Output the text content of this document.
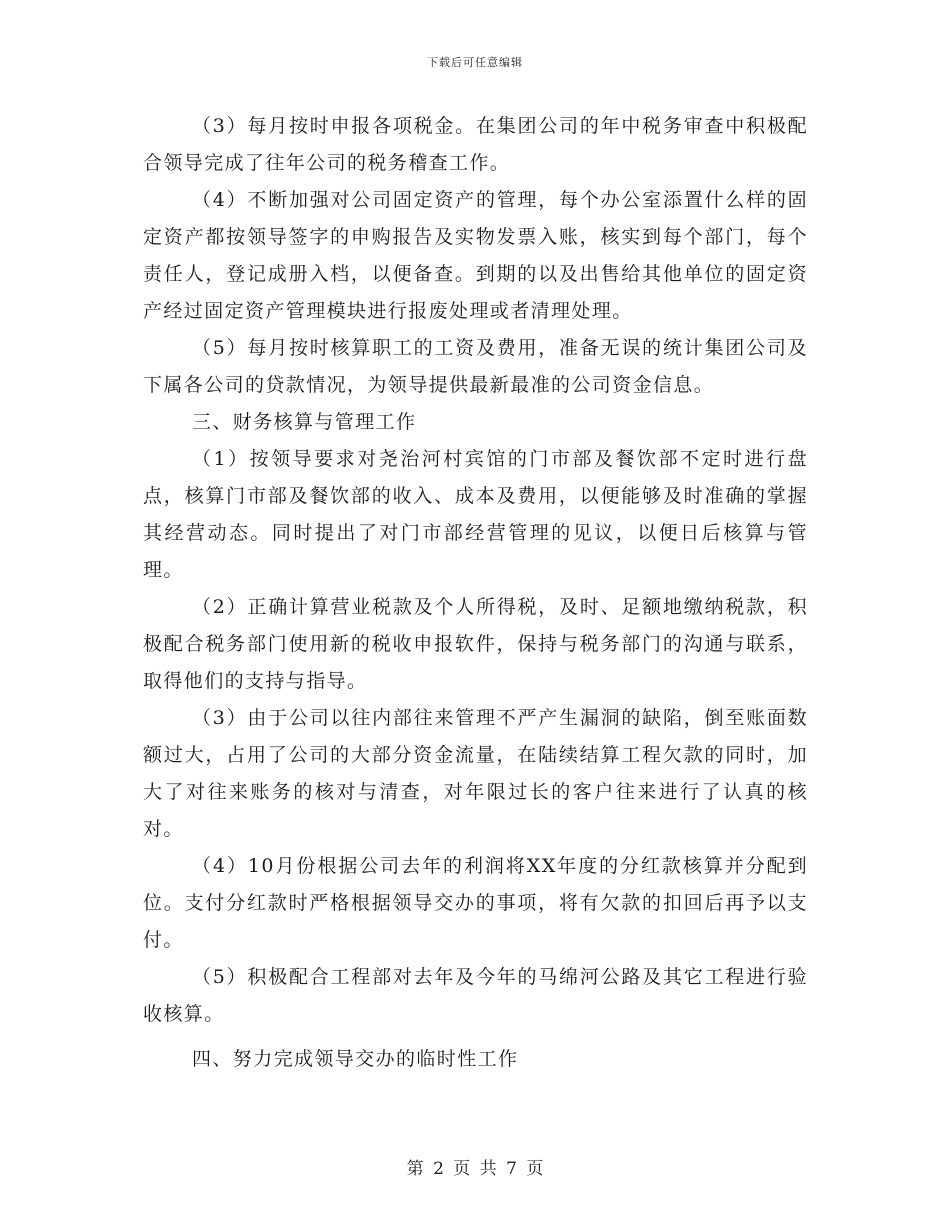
下载后可任意编辑

（3）每月按时申报各项税金。在集团公司的年中税务审查中积极配合领导完成了往年公司的税务稽查工作。

（4）不断加强对公司固定资产的管理，每个办公室添置什么样的固定资产都按领导签字的申购报告及实物发票入账，核实到每个部门，每个责任人，登记成册入档，以便备查。到期的以及出售给其他单位的固定资产经过固定资产管理模块进行报废处理或者清理处理。

（5）每月按时核算职工的工资及费用，准备无误的统计集团公司及下属各公司的贷款情况，为领导提供最新最准的公司资金信息。

三、财务核算与管理工作

（1）按领导要求对尧治河村宾馆的门市部及餐饮部不定时进行盘点，核算门市部及餐饮部的收入、成本及费用，以便能够及时准确的掌握其经营动态。同时提出了对门市部经营管理的见议，以便日后核算与管理。

（2）正确计算营业税款及个人所得税，及时、足额地缴纳税款，积极配合税务部门使用新的税收申报软件，保持与税务部门的沟通与联系，取得他们的支持与指导。

（3）由于公司以往内部往来管理不严产生漏洞的缺陷，倒至账面数额过大，占用了公司的大部分资金流量，在陆续结算工程欠款的同时，加大了对往来账务的核对与清查，对年限过长的客户往来进行了认真的核对。

（4）10月份根据公司去年的利润将XX年度的分红款核算并分配到位。支付分红款时严格根据领导交办的事项，将有欠款的扣回后再予以支付。

（5）积极配合工程部对去年及今年的马绵河公路及其它工程进行验收核算。

四、努力完成领导交办的临时性工作

第 2 页 共 7 页
